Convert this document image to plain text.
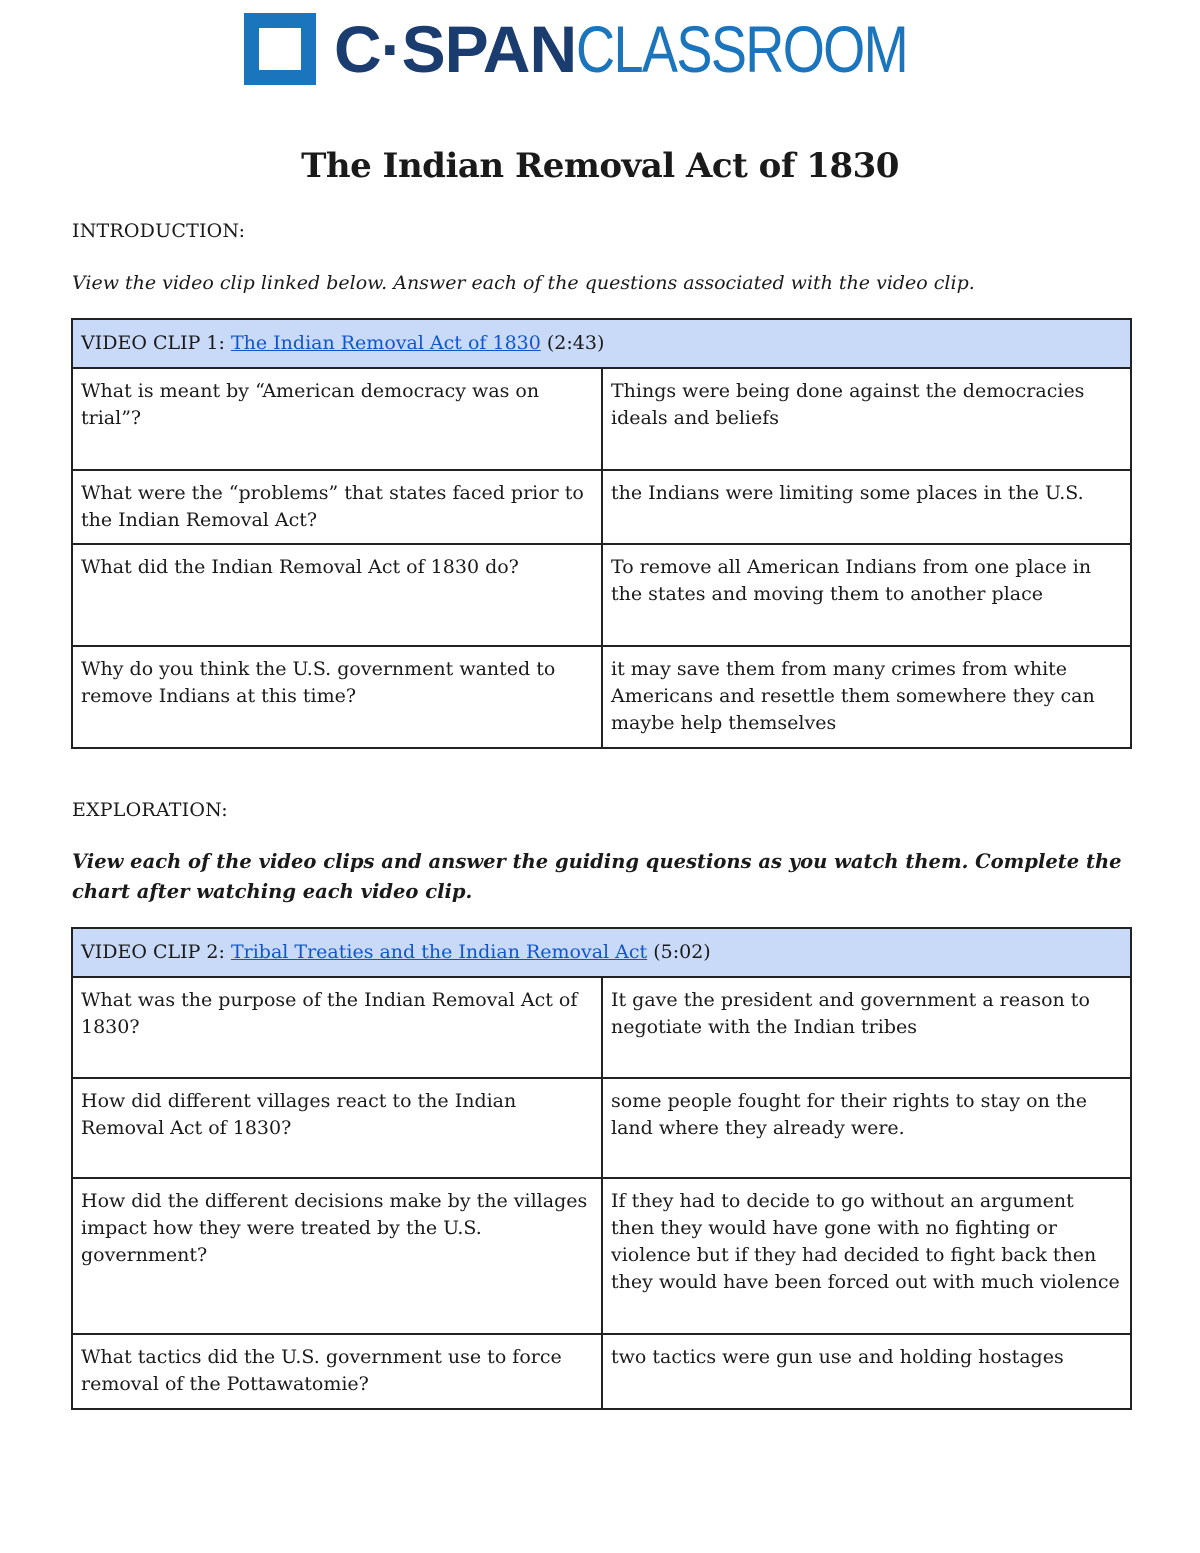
C·SPAN CLASSROOM
The Indian Removal Act of 1830
INTRODUCTION:
View the video clip linked below. Answer each of the questions associated with the video clip.
VIDEO CLIP 1: The Indian Removal Act of 1830 (2:43)	
What is meant by “American democracy was on trial”?	Things were being done against the democracies ideals and beliefs
What were the “problems” that states faced prior to the Indian Removal Act?	the Indians were limiting some places in the U.S.
What did the Indian Removal Act of 1830 do?	To remove all American Indians from one place in the states and moving them to another place
Why do you think the U.S. government wanted to remove Indians at this time?	it may save them from many crimes from white Americans and resettle them somewhere they can maybe help themselves
EXPLORATION:
View each of the video clips and answer the guiding questions as you watch them. Complete the chart after watching each video clip.
VIDEO CLIP 2: Tribal Treaties and the Indian Removal Act (5:02)	
What was the purpose of the Indian Removal Act of 1830?	It gave the president and government a reason to negotiate with the Indian tribes
How did different villages react to the Indian Removal Act of 1830?	some people fought for their rights to stay on the land where they already were.
How did the different decisions make by the villages impact how they were treated by the U.S. government?	If they had to decide to go without an argument then they would have gone with no fighting or violence but if they had decided to fight back then they would have been forced out with much violence
What tactics did the U.S. government use to force removal of the Pottawatomie?	two tactics were gun use and holding hostages
